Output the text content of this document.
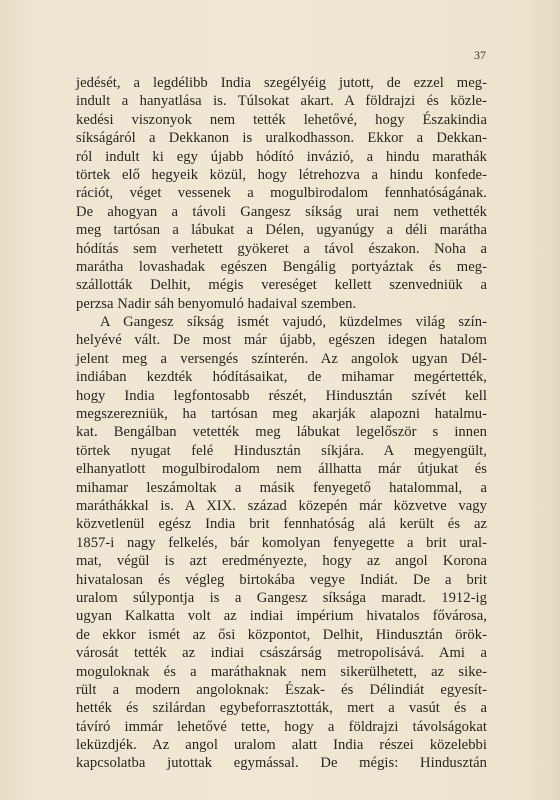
37
jedését, a legdélibb India szegélyéig jutott, de ezzel meg-
indult a hanyatlása is. Túlsokat akart. A földrajzi és közle-
kedési viszonyok nem tették lehetővé, hogy Északindia
síkságáról a Dekkanon is uralkodhasson. Ekkor a Dekkan-
ról indult ki egy újabb hódító invázió, a hindu marathák
törtek elő hegyeik közül, hogy létrehozva a hindu konfede-
rációt, véget vessenek a mogulbirodalom fennhatóságának.
De ahogyan a távoli Gangesz síkság urai nem vethették
meg tartósan a lábukat a Délen, ugyanúgy a déli marátha
hódítás sem verhetett gyökeret a távol északon. Noha a
marátha lovashadak egészen Bengálig portyáztak és meg-
szállották Delhit, mégis vereséget kellett szenvedniük a
perzsa Nadir sáh benyomuló hadaival szemben.
A Gangesz síkság ismét vajudó, küzdelmes világ szín-
helyévé vált. De most már újabb, egészen idegen hatalom
jelent meg a versengés színterén. Az angolok ugyan Dél-
indiában kezdték hódításaikat, de mihamar megértették,
hogy India legfontosabb részét, Hindusztán szívét kell
megszerezniük, ha tartósan meg akarják alapozni hatalmu-
kat. Bengálban vetették meg lábukat legelőször s innen
törtek nyugat felé Hindusztán síkjára. A megyengült,
elhanyatlott mogulbirodalom nem állhatta már útjukat és
mihamar leszámoltak a másik fenyegető hatalommal, a
maráthákkal is. A XIX. század közepén már közvetve vagy
közvetlenül egész India brit fennhatóság alá került és az
1857-i nagy felkelés, bár komolyan fenyegette a brit ural-
mat, végül is azt eredményezte, hogy az angol Korona
hivatalosan és végleg birtokába vegye Indiát. De a brit
uralom súlypontja is a Gangesz síksága maradt. 1912-ig
ugyan Kalkatta volt az indiai impérium hivatalos fővárosa,
de ekkor ismét az ősi központot, Delhit, Hindusztán örök-
városát tették az indiai császárság metropolisává. Ami a
moguloknak és a maráthaknak nem sikerülhetett, az sike-
rült a modern angoloknak: Észak- és Délindiát egyesít-
hették és szilárdan egybeforrasztották, mert a vasút és a
távíró immár lehetővé tette, hogy a földrajzi távolságokat
leküzdjék. Az angol uralom alatt India részei közelebbi
kapcsolatba jutottak egymással. De mégis: Hindusztán
